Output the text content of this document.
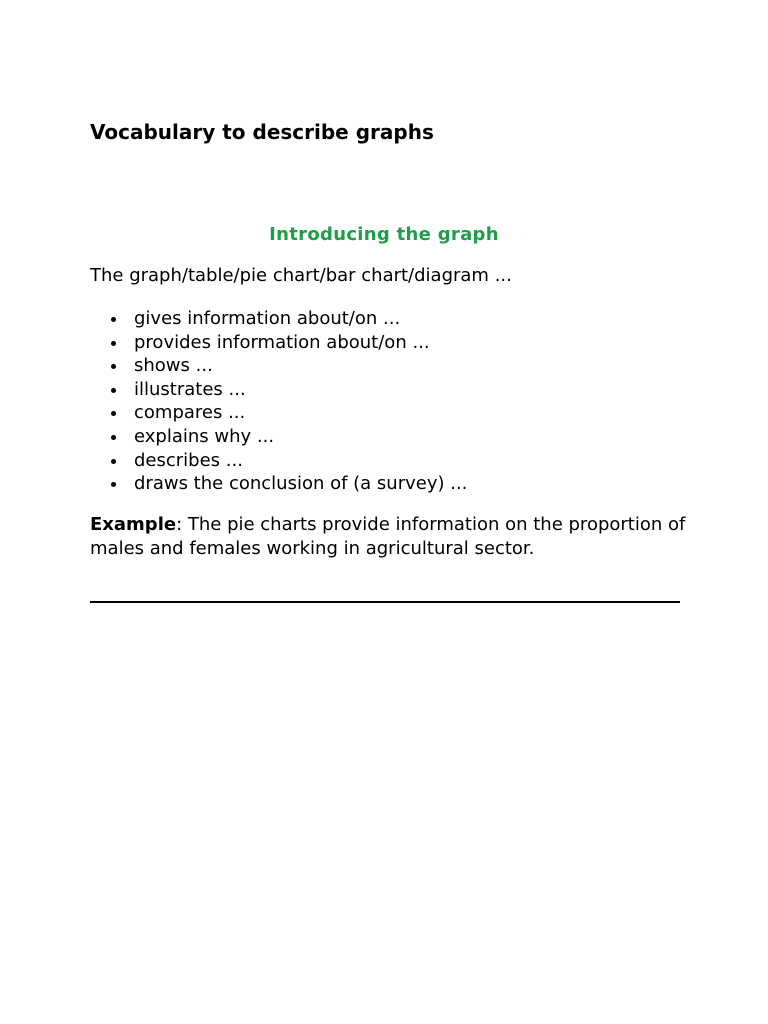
Vocabulary to describe graphs
Introducing the graph

The graph/table/pie chart/bar chart/diagram ...

gives information about/on ...
provides information about/on ...
shows ...
illustrates ...
compares ...
explains why ...
describes ...
draws the conclusion of (a survey) ...

Example: The pie charts provide information on the proportion of males and females working in agricultural sector.
